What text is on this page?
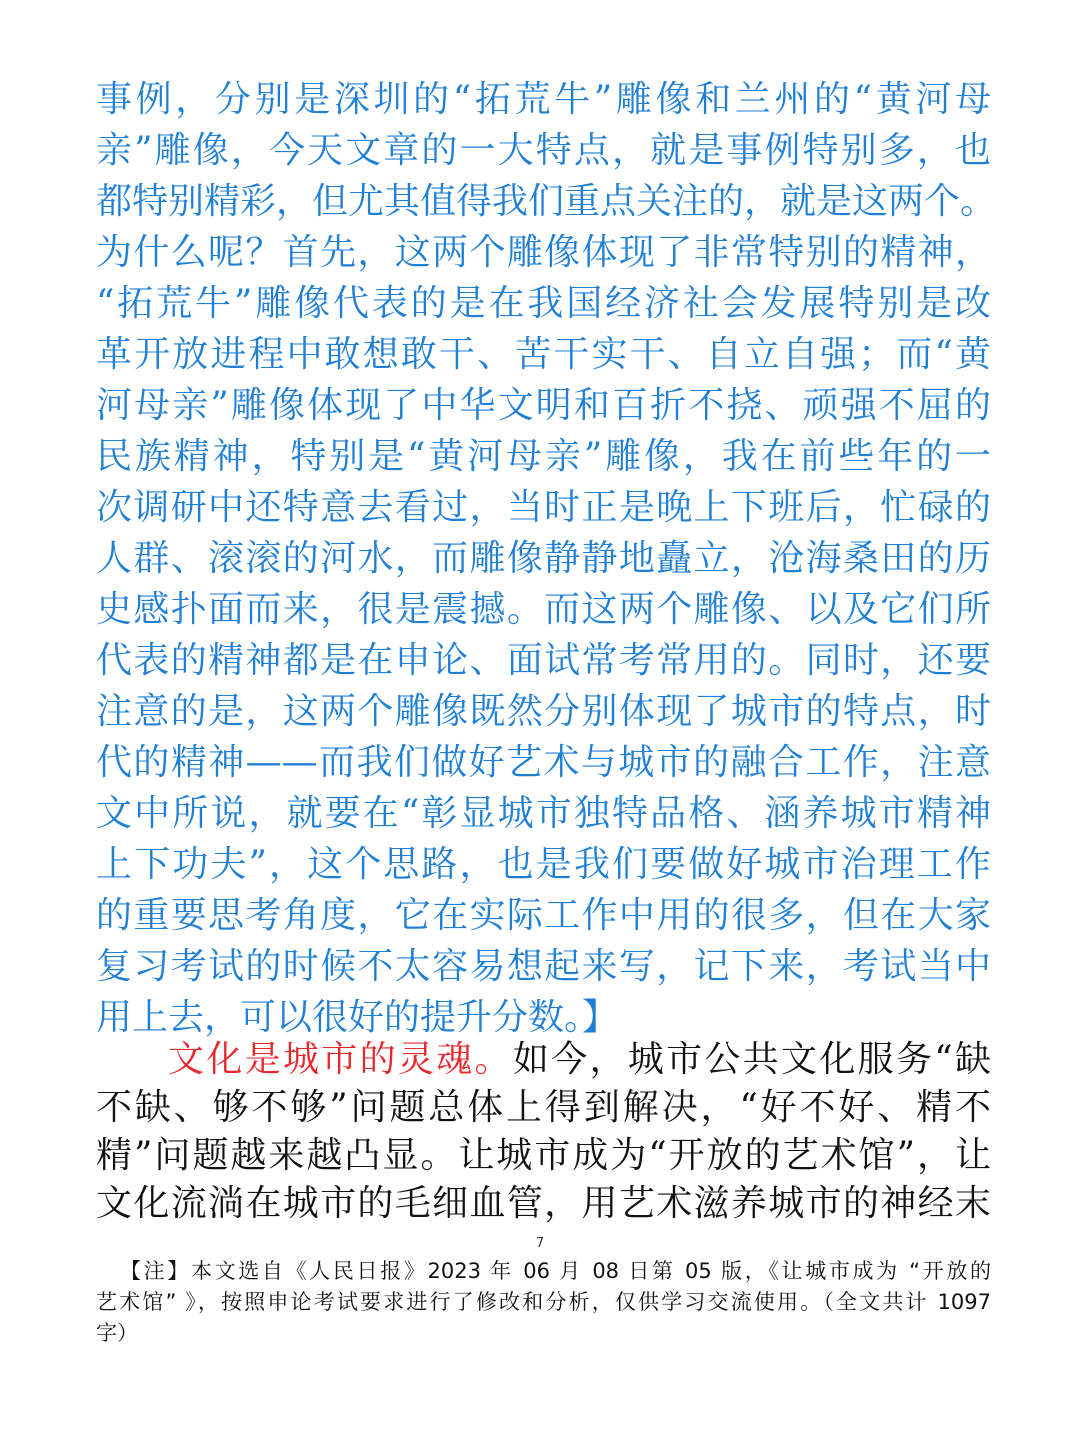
事例，分别是深圳的“拓荒牛”雕像和兰州的“黄河母
亲”雕像，今天文章的一大特点，就是事例特别多，也
都特别精彩，但尤其值得我们重点关注的，就是这两个。
为什么呢？首先，这两个雕像体现了非常特别的精神，
“拓荒牛”雕像代表的是在我国经济社会发展特别是改
革开放进程中敢想敢干、苦干实干、自立自强；而“黄
河母亲”雕像体现了中华文明和百折不挠、顽强不屈的
民族精神，特别是“黄河母亲”雕像，我在前些年的一
次调研中还特意去看过，当时正是晚上下班后，忙碌的
人群、滚滚的河水，而雕像静静地矗立，沧海桑田的历
史感扑面而来，很是震撼。而这两个雕像、以及它们所
代表的精神都是在申论、面试常考常用的。同时，还要
注意的是，这两个雕像既然分别体现了城市的特点，时
代的精神——而我们做好艺术与城市的融合工作，注意
文中所说，就要在“彰显城市独特品格、涵养城市精神
上下功夫”，这个思路，也是我们要做好城市治理工作
的重要思考角度，它在实际工作中用的很多，但在大家
复习考试的时候不太容易想起来写，记下来，考试当中
用上去，可以很好的提升分数。】
文化是城市的灵魂。如今，城市公共文化服务“缺
不缺、够不够”问题总体上得到解决，“好不好、精不
精”问题越来越凸显。让城市成为“开放的艺术馆”，让
文化流淌在城市的毛细血管，用艺术滋养城市的神经末
7
【注】本文选自《人民日报》2023 年 06 月 08 日第 05 版，《让城市成为 “开放的
艺术馆” 》，按照申论考试要求进行了修改和分析，仅供学习交流使用。（全文共计 1097
字）
